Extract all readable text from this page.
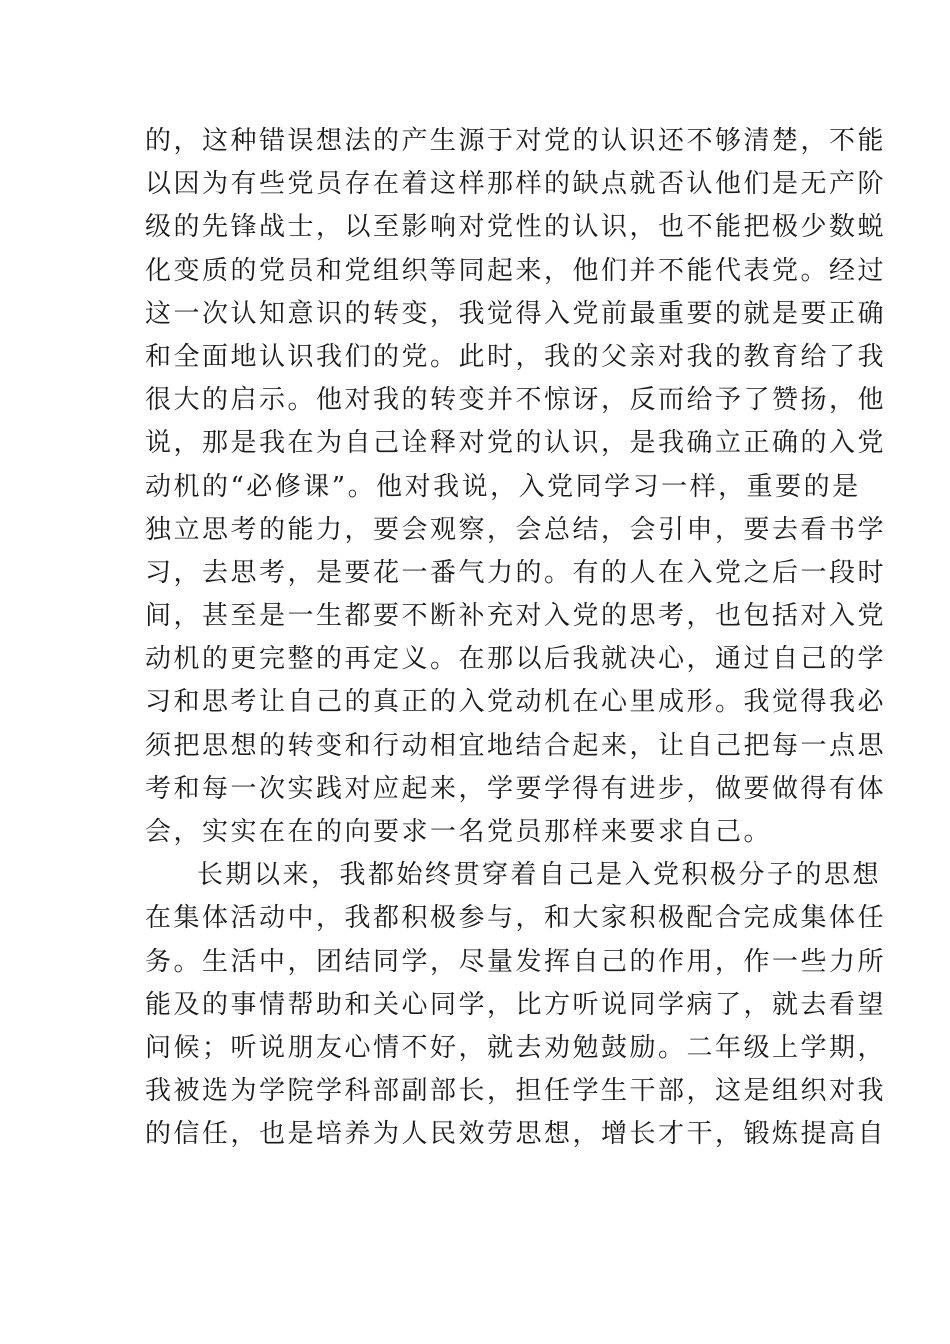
的，这种错误想法的产生源于对党的认识还不够清楚，不能
以因为有些党员存在着这样那样的缺点就否认他们是无产阶
级的先锋战士，以至影响对党性的认识，也不能把极少数蜕
化变质的党员和党组织等同起来，他们并不能代表党。经过
这一次认知意识的转变，我觉得入党前最重要的就是要正确
和全面地认识我们的党。此时，我的父亲对我的教育给了我
很大的启示。他对我的转变并不惊讶，反而给予了赞扬，他
说，那是我在为自己诠释对党的认识，是我确立正确的入党
动机的“必修课”。他对我说，入党同学习一样，重要的是
独立思考的能力，要会观察，会总结，会引申，要去看书学
习，去思考，是要花一番气力的。有的人在入党之后一段时
间，甚至是一生都要不断补充对入党的思考，也包括对入党
动机的更完整的再定义。在那以后我就决心，通过自己的学
习和思考让自己的真正的入党动机在心里成形。我觉得我必
须把思想的转变和行动相宜地结合起来，让自己把每一点思
考和每一次实践对应起来，学要学得有进步，做要做得有体
会，实实在在的向要求一名党员那样来要求自己。
长期以来，我都始终贯穿着自己是入党积极分子的思想
在集体活动中，我都积极参与，和大家积极配合完成集体任
务。生活中，团结同学，尽量发挥自己的作用，作一些力所
能及的事情帮助和关心同学，比方听说同学病了，就去看望
问候；听说朋友心情不好，就去劝勉鼓励。二年级上学期，
我被选为学院学科部副部长，担任学生干部，这是组织对我
的信任，也是培养为人民效劳思想，增长才干，锻炼提高自
